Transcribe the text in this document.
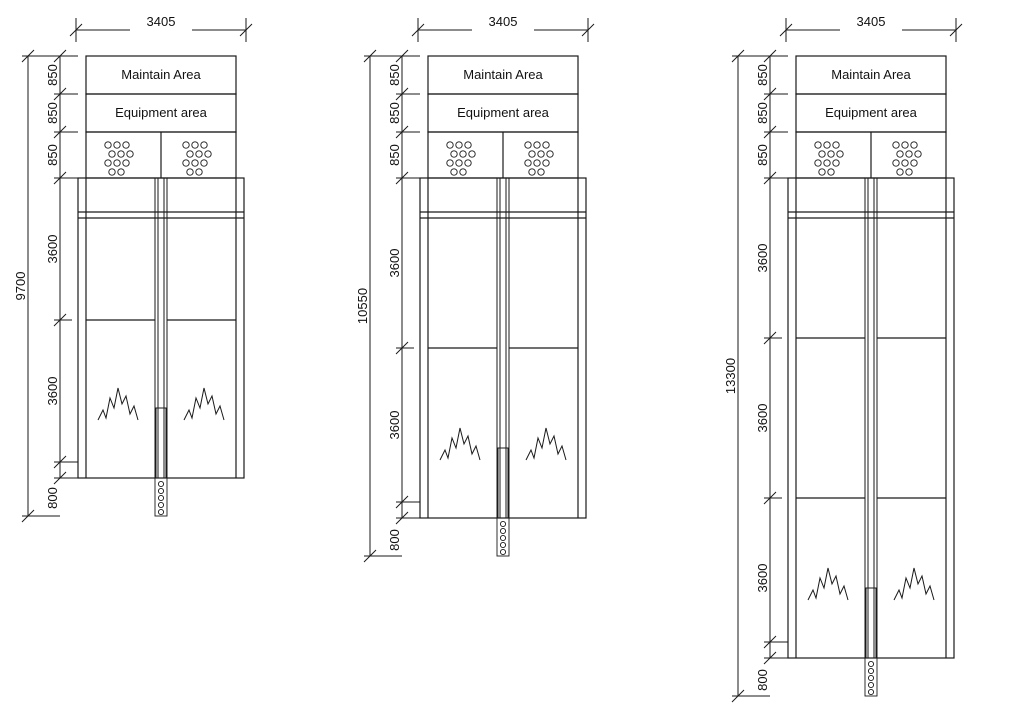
3405
Maintain Area
Equipment area
850
850
850
3600
3600
800
9700
3405
Maintain Area
Equipment area
850
850
850
3600
3600
800
10550
3405
Maintain Area
Equipment area
850
850
850
3600
3600
3600
800
13300
